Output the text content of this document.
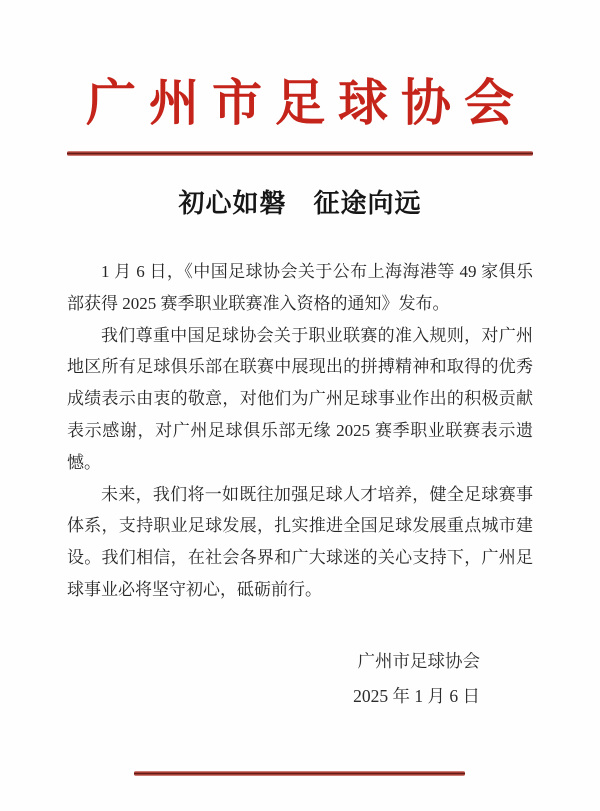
广州市足球协会
初心如磐　征途向远

1 月 6 日，《中国足球协会关于公布上海海港等 49 家俱乐部获得 2025 赛季职业联赛准入资格的通知》发布。

我们尊重中国足球协会关于职业联赛的准入规则，对广州地区所有足球俱乐部在联赛中展现出的拼搏精神和取得的优秀成绩表示由衷的敬意，对他们为广州足球事业作出的积极贡献表示感谢，对广州足球俱乐部无缘 2025 赛季职业联赛表示遗憾。

未来，我们将一如既往加强足球人才培养，健全足球赛事体系，支持职业足球发展，扎实推进全国足球发展重点城市建设。我们相信，在社会各界和广大球迷的关心支持下，广州足球事业必将坚守初心，砥砺前行。

广州市足球协会
2025 年 1 月 6 日
